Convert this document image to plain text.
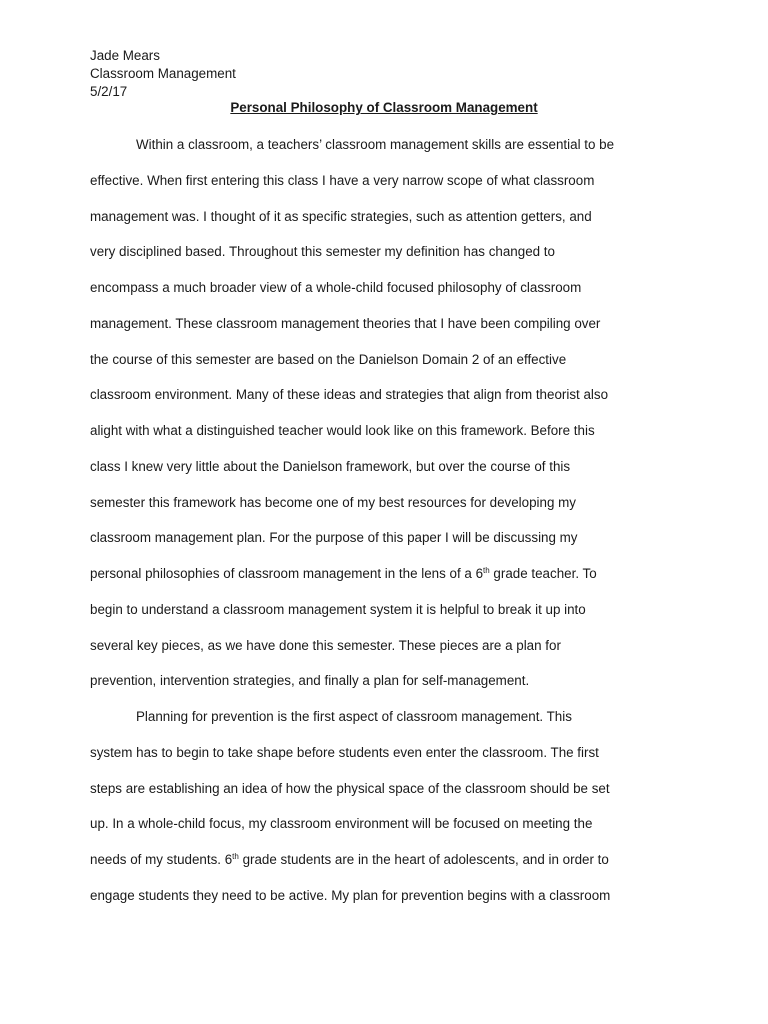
Jade Mears
Classroom Management
5/2/17
Personal Philosophy of Classroom Management
Within a classroom, a teachers’ classroom management skills are essential to be
effective. When first entering this class I have a very narrow scope of what classroom
management was. I thought of it as specific strategies, such as attention getters, and
very disciplined based. Throughout this semester my definition has changed to
encompass a much broader view of a whole-child focused philosophy of classroom
management. These classroom management theories that I have been compiling over
the course of this semester are based on the Danielson Domain 2 of an effective
classroom environment. Many of these ideas and strategies that align from theorist also
alight with what a distinguished teacher would look like on this framework. Before this
class I knew very little about the Danielson framework, but over the course of this
semester this framework has become one of my best resources for developing my
classroom management plan. For the purpose of this paper I will be discussing my
personal philosophies of classroom management in the lens of a 6th grade teacher. To
begin to understand a classroom management system it is helpful to break it up into
several key pieces, as we have done this semester. These pieces are a plan for
prevention, intervention strategies, and finally a plan for self-management.
Planning for prevention is the first aspect of classroom management. This
system has to begin to take shape before students even enter the classroom. The first
steps are establishing an idea of how the physical space of the classroom should be set
up. In a whole-child focus, my classroom environment will be focused on meeting the
needs of my students. 6th grade students are in the heart of adolescents, and in order to
engage students they need to be active. My plan for prevention begins with a classroom
